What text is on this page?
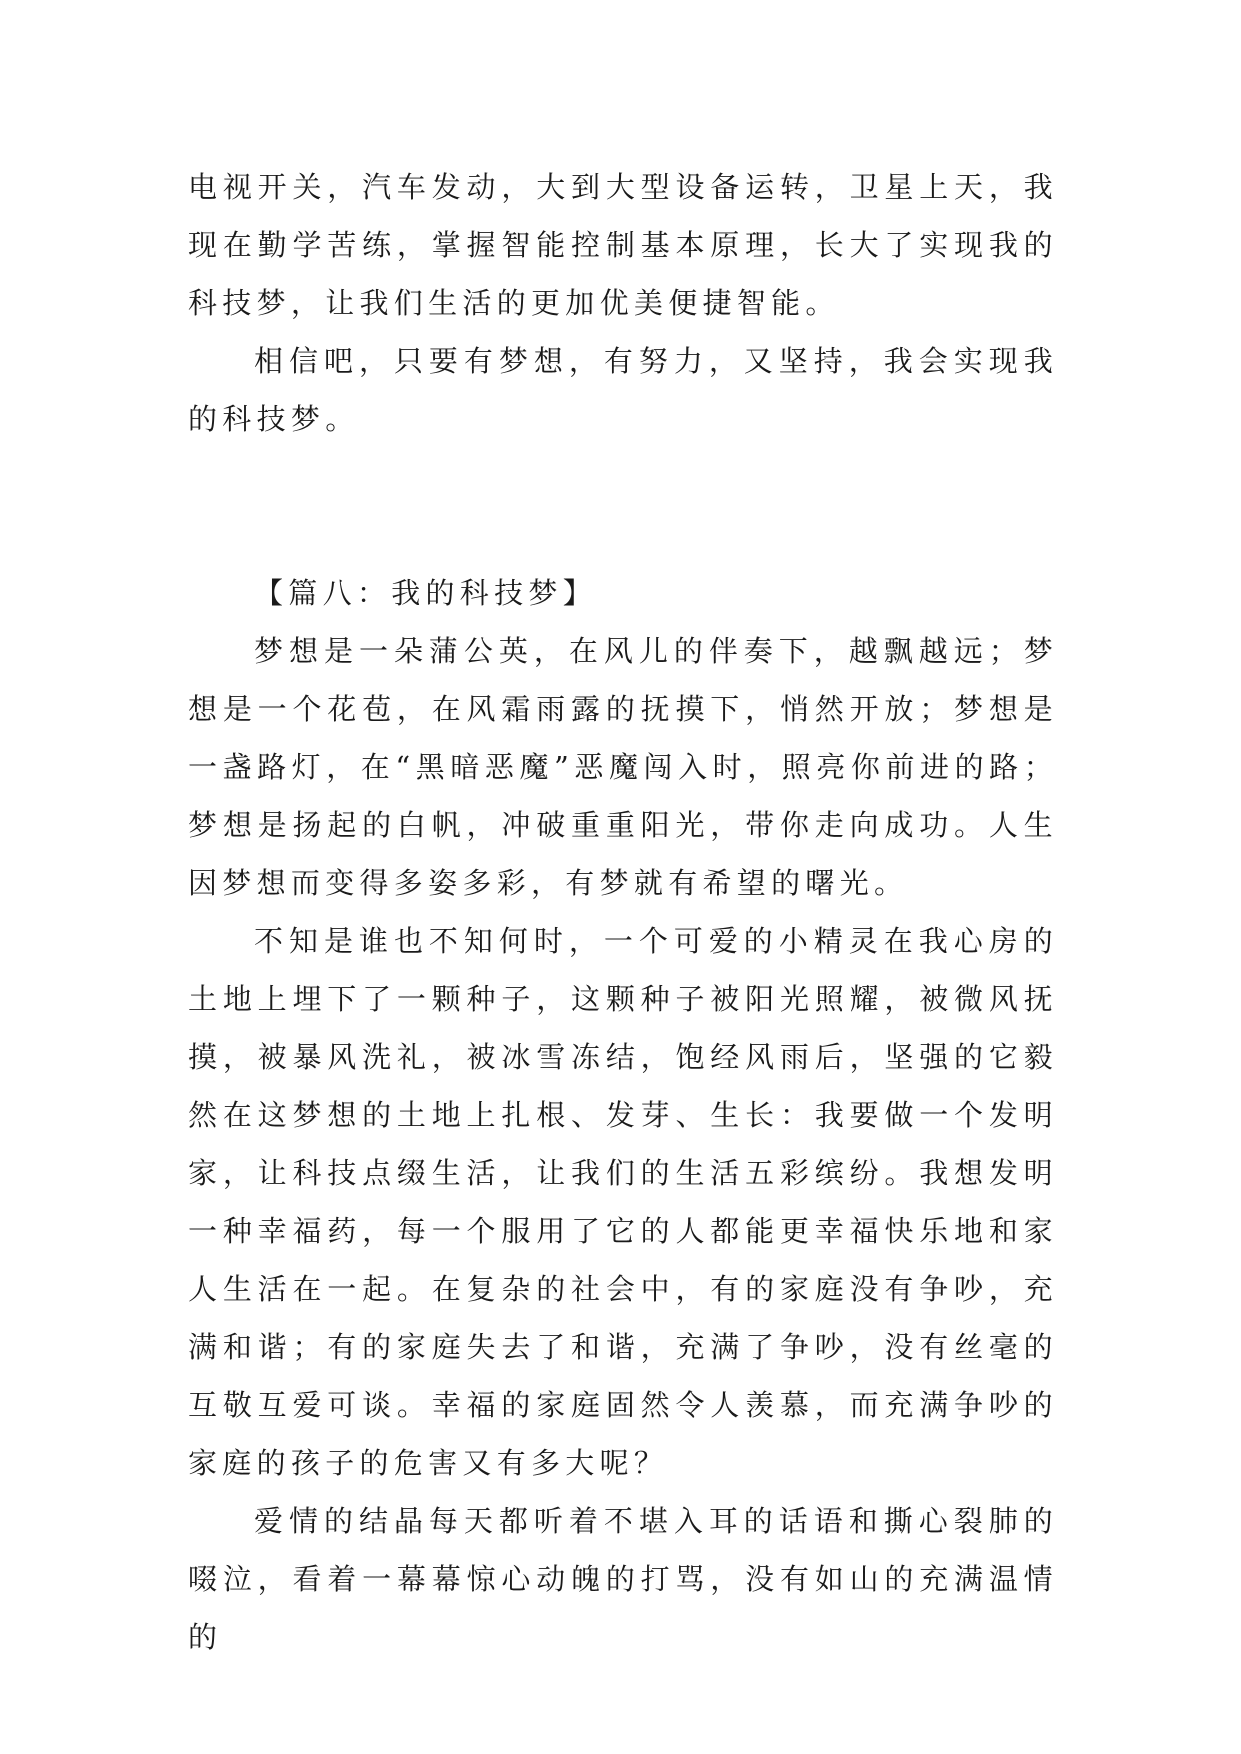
电视开关，汽车发动，大到大型设备运转，卫星上天，我现在勤学苦练，掌握智能控制基本原理，长大了实现我的科技梦，让我们生活的更加优美便捷智能。

相信吧，只要有梦想，有努力，又坚持，我会实现我的科技梦。

【篇八：我的科技梦】

梦想是一朵蒲公英，在风儿的伴奏下，越飘越远；梦想是一个花苞，在风霜雨露的抚摸下，悄然开放；梦想是一盏路灯，在“黑暗恶魔”恶魔闯入时，照亮你前进的路；梦想是扬起的白帆，冲破重重阳光，带你走向成功。人生因梦想而变得多姿多彩，有梦就有希望的曙光。

不知是谁也不知何时，一个可爱的小精灵在我心房的土地上埋下了一颗种子，这颗种子被阳光照耀，被微风抚摸，被暴风洗礼，被冰雪冻结，饱经风雨后，坚强的它毅然在这梦想的土地上扎根、发芽、生长：我要做一个发明家，让科技点缀生活，让我们的生活五彩缤纷。我想发明一种幸福药，每一个服用了它的人都能更幸福快乐地和家人生活在一起。在复杂的社会中，有的家庭没有争吵，充满和谐；有的家庭失去了和谐，充满了争吵，没有丝毫的互敬互爱可谈。幸福的家庭固然令人羡慕，而充满争吵的家庭的孩子的危害又有多大呢？

爱情的结晶每天都听着不堪入耳的话语和撕心裂肺的啜泣，看着一幕幕惊心动魄的打骂，没有如山的充满温情的
